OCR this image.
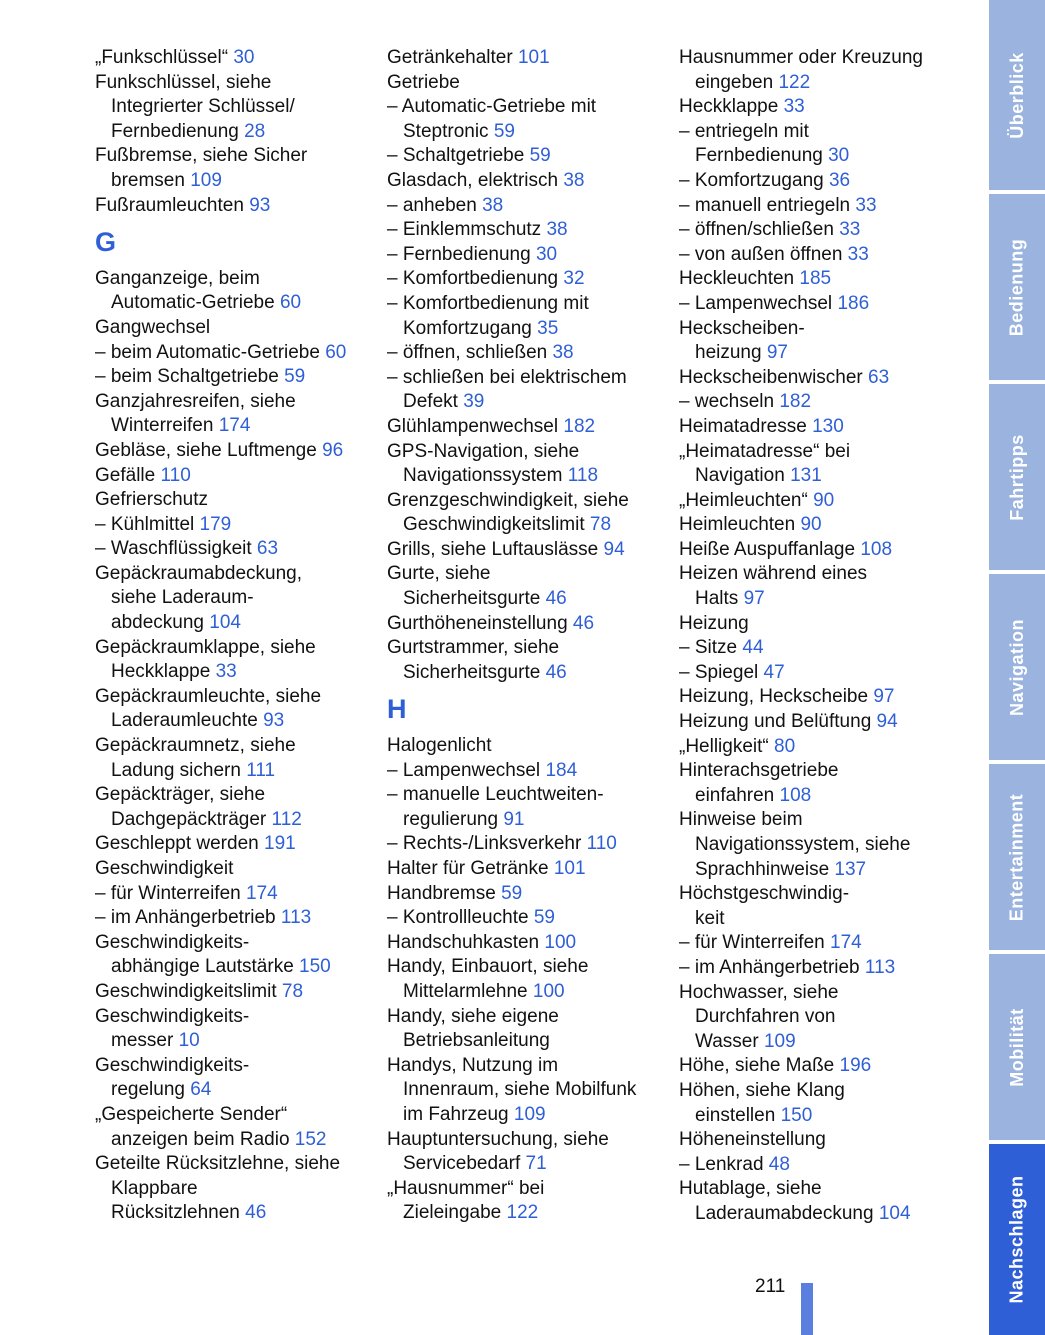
„Funkschlüssel“ 30
Funkschlüssel, siehe
Integrierter Schlüssel/
Fernbedienung 28
Fußbremse, siehe Sicher
bremsen 109
Fußraumleuchten 93
G
Ganganzeige, beim
Automatic-Getriebe 60
Gangwechsel
– beim Automatic-Getriebe 60
– beim Schaltgetriebe 59
Ganzjahresreifen, siehe
Winterreifen 174
Gebläse, siehe Luftmenge 96
Gefälle 110
Gefrierschutz
– Kühlmittel 179
– Waschflüssigkeit 63
Gepäckraumabdeckung,
siehe Laderaum-
abdeckung 104
Gepäckraumklappe, siehe
Heckklappe 33
Gepäckraumleuchte, siehe
Laderaumleuchte 93
Gepäckraumnetz, siehe
Ladung sichern 111
Gepäckträger, siehe
Dachgepäckträger 112
Geschleppt werden 191
Geschwindigkeit
– für Winterreifen 174
– im Anhängerbetrieb 113
Geschwindigkeits-
abhängige Lautstärke 150
Geschwindigkeitslimit 78
Geschwindigkeits-
messer 10
Geschwindigkeits-
regelung 64
„Gespeicherte Sender“
anzeigen beim Radio 152
Geteilte Rücksitzlehne, siehe
Klappbare
Rücksitzlehnen 46
Getränkehalter 101
Getriebe
– Automatic-Getriebe mit
Steptronic 59
– Schaltgetriebe 59
Glasdach, elektrisch 38
– anheben 38
– Einklemmschutz 38
– Fernbedienung 30
– Komfortbedienung 32
– Komfortbedienung mit
Komfortzugang 35
– öffnen, schließen 38
– schließen bei elektrischem
Defekt 39
Glühlampenwechsel 182
GPS-Navigation, siehe
Navigationssystem 118
Grenzgeschwindigkeit, siehe
Geschwindigkeitslimit 78
Grills, siehe Luftauslässe 94
Gurte, siehe
Sicherheitsgurte 46
Gurthöheneinstellung 46
Gurtstrammer, siehe
Sicherheitsgurte 46
H
Halogenlicht
– Lampenwechsel 184
– manuelle Leuchtweiten-
regulierung 91
– Rechts-/Linksverkehr 110
Halter für Getränke 101
Handbremse 59
– Kontrollleuchte 59
Handschuhkasten 100
Handy, Einbauort, siehe
Mittelarmlehne 100
Handy, siehe eigene
Betriebsanleitung
Handys, Nutzung im
Innenraum, siehe Mobilfunk
im Fahrzeug 109
Hauptuntersuchung, siehe
Servicebedarf 71
„Hausnummer“ bei
Zieleingabe 122
Hausnummer oder Kreuzung
eingeben 122
Heckklappe 33
– entriegeln mit
Fernbedienung 30
– Komfortzugang 36
– manuell entriegeln 33
– öffnen/schließen 33
– von außen öffnen 33
Heckleuchten 185
– Lampenwechsel 186
Heckscheiben-
heizung 97
Heckscheibenwischer 63
– wechseln 182
Heimatadresse 130
„Heimatadresse“ bei
Navigation 131
„Heimleuchten“ 90
Heimleuchten 90
Heiße Auspuffanlage 108
Heizen während eines
Halts 97
Heizung
– Sitze 44
– Spiegel 47
Heizung, Heckscheibe 97
Heizung und Belüftung 94
„Helligkeit“ 80
Hinterachsgetriebe
einfahren 108
Hinweise beim
Navigationssystem, siehe
Sprachhinweise 137
Höchstgeschwindig-
keit
– für Winterreifen 174
– im Anhängerbetrieb 113
Hochwasser, siehe
Durchfahren von
Wasser 109
Höhe, siehe Maße 196
Höhen, siehe Klang
einstellen 150
Höheneinstellung
– Lenkrad 48
Hutablage, siehe
Laderaumabdeckung 104
Überblick
Bedienung
Fahrtipps
Navigation
Entertainment
Mobilität
Nachschlagen
211
